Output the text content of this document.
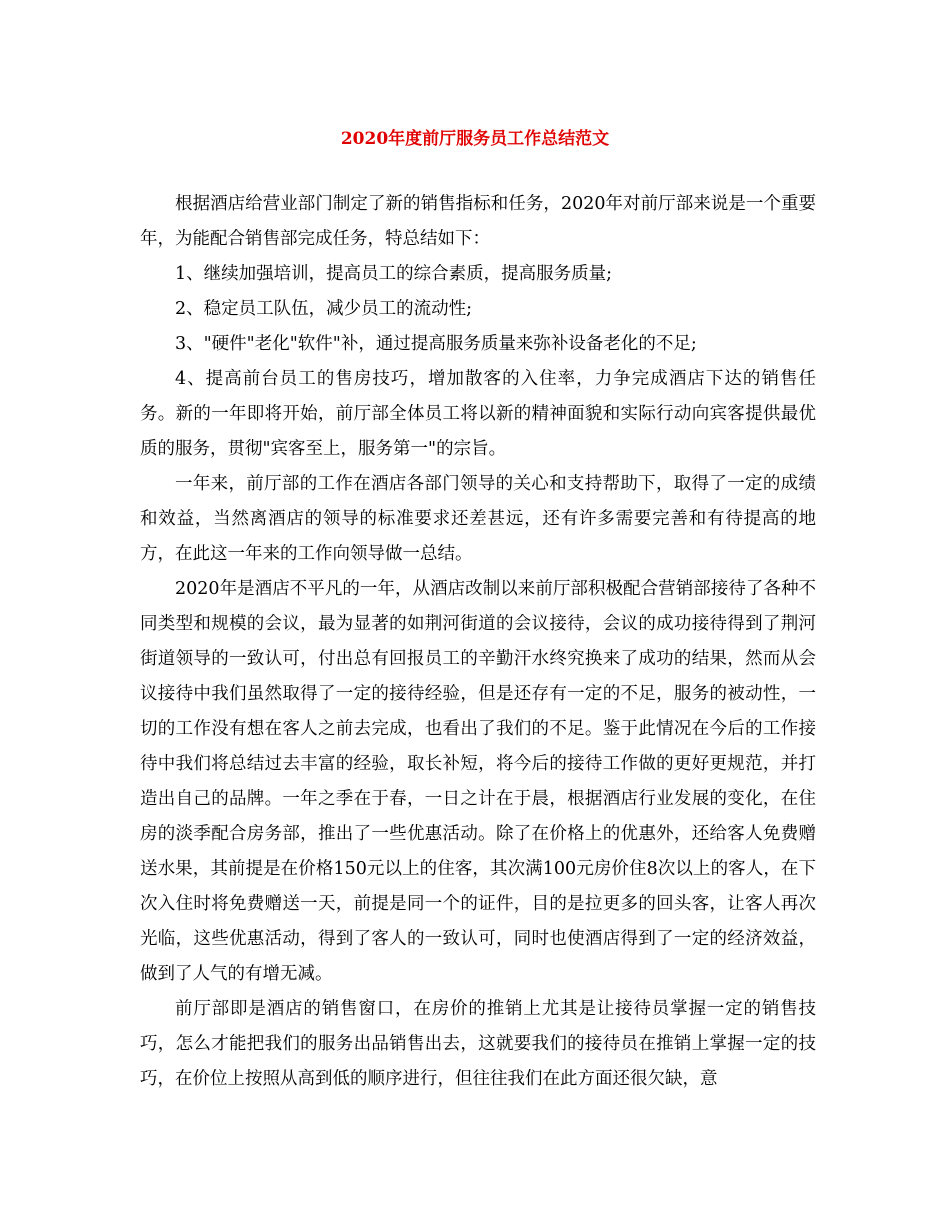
2020年度前厅服务员工作总结范文

根据酒店给营业部门制定了新的销售指标和任务，2020年对前厅部来说是一个重要年，为能配合销售部完成任务，特总结如下：

1、继续加强培训，提高员工的综合素质，提高服务质量;

2、稳定员工队伍，减少员工的流动性;

3、"硬件"老化"软件"补，通过提高服务质量来弥补设备老化的不足;

4、提高前台员工的售房技巧，增加散客的入住率，力争完成酒店下达的销售任务。新的一年即将开始，前厅部全体员工将以新的精神面貌和实际行动向宾客提供最优质的服务，贯彻"宾客至上，服务第一"的宗旨。

一年来，前厅部的工作在酒店各部门领导的关心和支持帮助下，取得了一定的成绩和效益，当然离酒店的领导的标准要求还差甚远，还有许多需要完善和有待提高的地方，在此这一年来的工作向领导做一总结。

2020年是酒店不平凡的一年，从酒店改制以来前厅部积极配合营销部接待了各种不同类型和规模的会议，最为显著的如荆河街道的会议接待，会议的成功接待得到了荆河街道领导的一致认可，付出总有回报员工的辛勤汗水终究换来了成功的结果，然而从会议接待中我们虽然取得了一定的接待经验，但是还存有一定的不足，服务的被动性，一切的工作没有想在客人之前去完成，也看出了我们的不足。鉴于此情况在今后的工作接待中我们将总结过去丰富的经验，取长补短，将今后的接待工作做的更好更规范，并打造出自己的品牌。一年之季在于春，一日之计在于晨，根据酒店行业发展的变化，在住房的淡季配合房务部，推出了一些优惠活动。除了在价格上的优惠外，还给客人免费赠送水果，其前提是在价格150元以上的住客，其次满100元房价住8次以上的客人，在下次入住时将免费赠送一天，前提是同一个的证件，目的是拉更多的回头客，让客人再次光临，这些优惠活动，得到了客人的一致认可，同时也使酒店得到了一定的经济效益，做到了人气的有增无减。

前厅部即是酒店的销售窗口，在房价的推销上尤其是让接待员掌握一定的销售技巧，怎么才能把我们的服务出品销售出去，这就要我们的接待员在推销上掌握一定的技巧，在价位上按照从高到低的顺序进行，但往往我们在此方面还很欠缺，意
